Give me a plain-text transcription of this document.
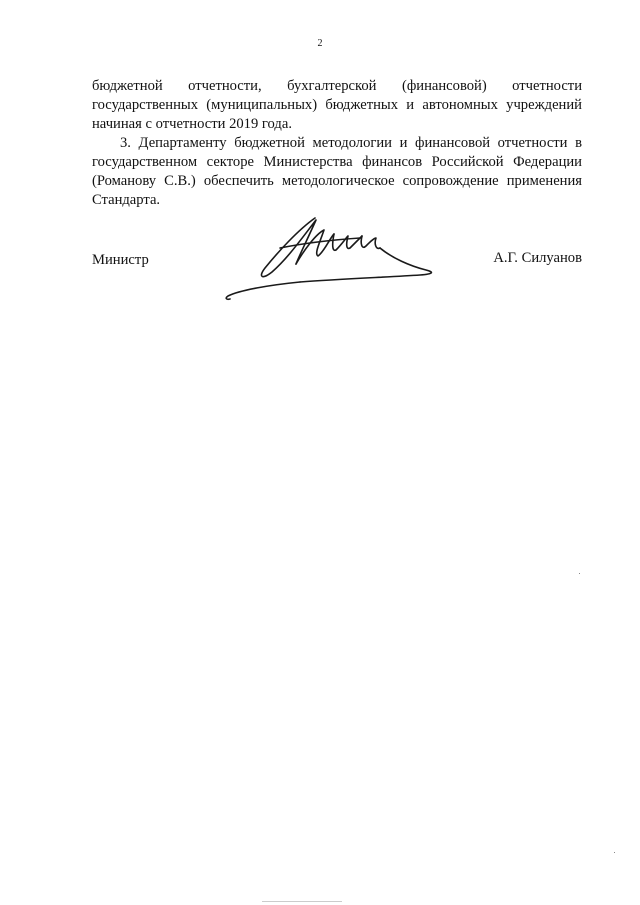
2

бюджетной отчетности, бухгалтерской (финансовой) отчетности государственных (муниципальных) бюджетных и автономных учреждений начиная с отчетности 2019 года.

3. Департаменту бюджетной методологии и финансовой отчетности в государственном секторе Министерства финансов Российской Федерации (Романову С.В.) обеспечить методологическое сопровождение применения Стандарта.

Министр	А.Г. Силуанов
